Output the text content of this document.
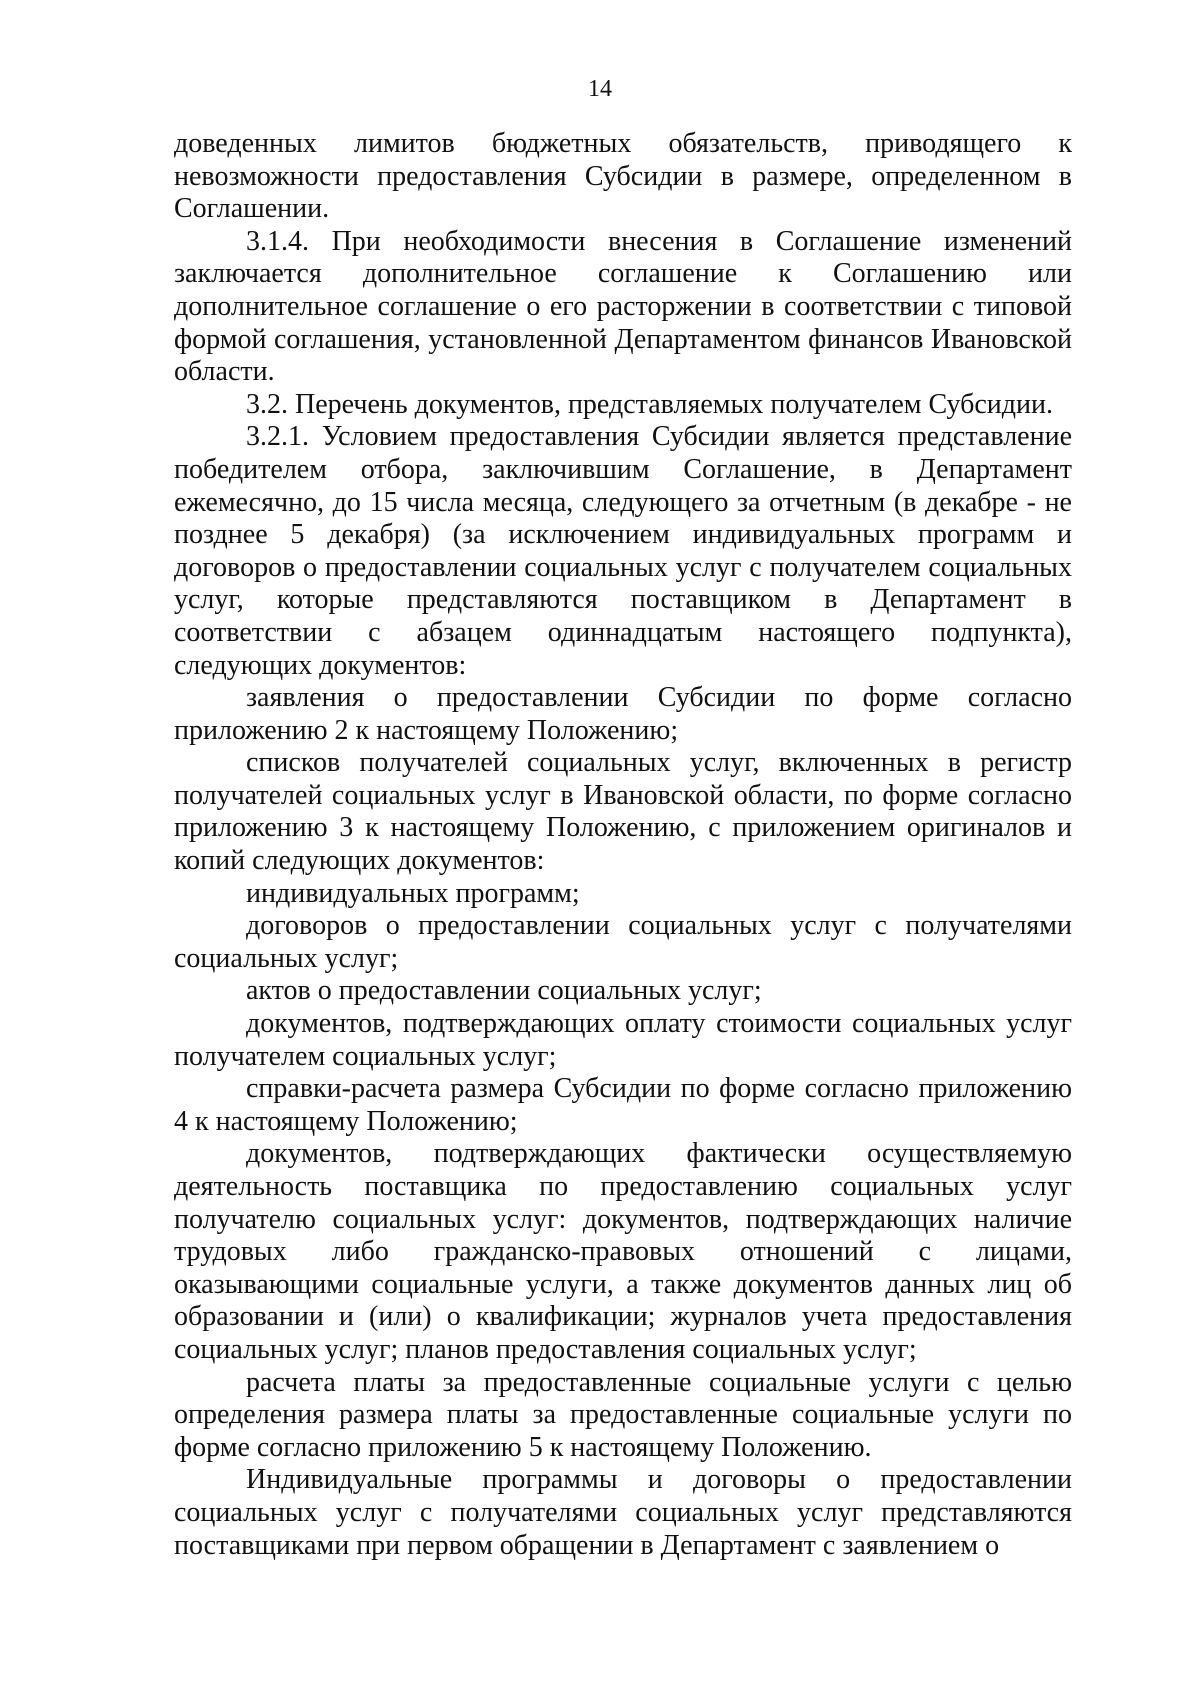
14

доведенных лимитов бюджетных обязательств, приводящего к невозможности предоставления Субсидии в размере, определенном в Соглашении.

3.1.4. При необходимости внесения в Соглашение изменений заключается дополнительное соглашение к Соглашению или дополнительное соглашение о его расторжении в соответствии с типовой формой соглашения, установленной Департаментом финансов Ивановской области.

3.2. Перечень документов, представляемых получателем Субсидии.

3.2.1. Условием предоставления Субсидии является представление победителем отбора, заключившим Соглашение, в Департамент ежемесячно, до 15 числа месяца, следующего за отчетным (в декабре - не позднее 5 декабря) (за исключением индивидуальных программ и договоров о предоставлении социальных услуг с получателем социальных услуг, которые представляются поставщиком в Департамент в соответствии с абзацем одиннадцатым настоящего подпункта), следующих документов:

заявления о предоставлении Субсидии по форме согласно приложению 2 к настоящему Положению;

списков получателей социальных услуг, включенных в регистр получателей социальных услуг в Ивановской области, по форме согласно приложению 3 к настоящему Положению, с приложением оригиналов и копий следующих документов:

индивидуальных программ;

договоров о предоставлении социальных услуг с получателями социальных услуг;

актов о предоставлении социальных услуг;

документов, подтверждающих оплату стоимости социальных услуг получателем социальных услуг;

справки-расчета размера Субсидии по форме согласно приложению 4 к настоящему Положению;

документов, подтверждающих фактически осуществляемую деятельность поставщика по предоставлению социальных услуг получателю социальных услуг: документов, подтверждающих наличие трудовых либо гражданско-правовых отношений с лицами, оказывающими социальные услуги, а также документов данных лиц об образовании и (или) о квалификации; журналов учета предоставления социальных услуг; планов предоставления социальных услуг;

расчета платы за предоставленные социальные услуги с целью определения размера платы за предоставленные социальные услуги по форме согласно приложению 5 к настоящему Положению.

Индивидуальные программы и договоры о предоставлении социальных услуг с получателями социальных услуг представляются поставщиками при первом обращении в Департамент с заявлением о
